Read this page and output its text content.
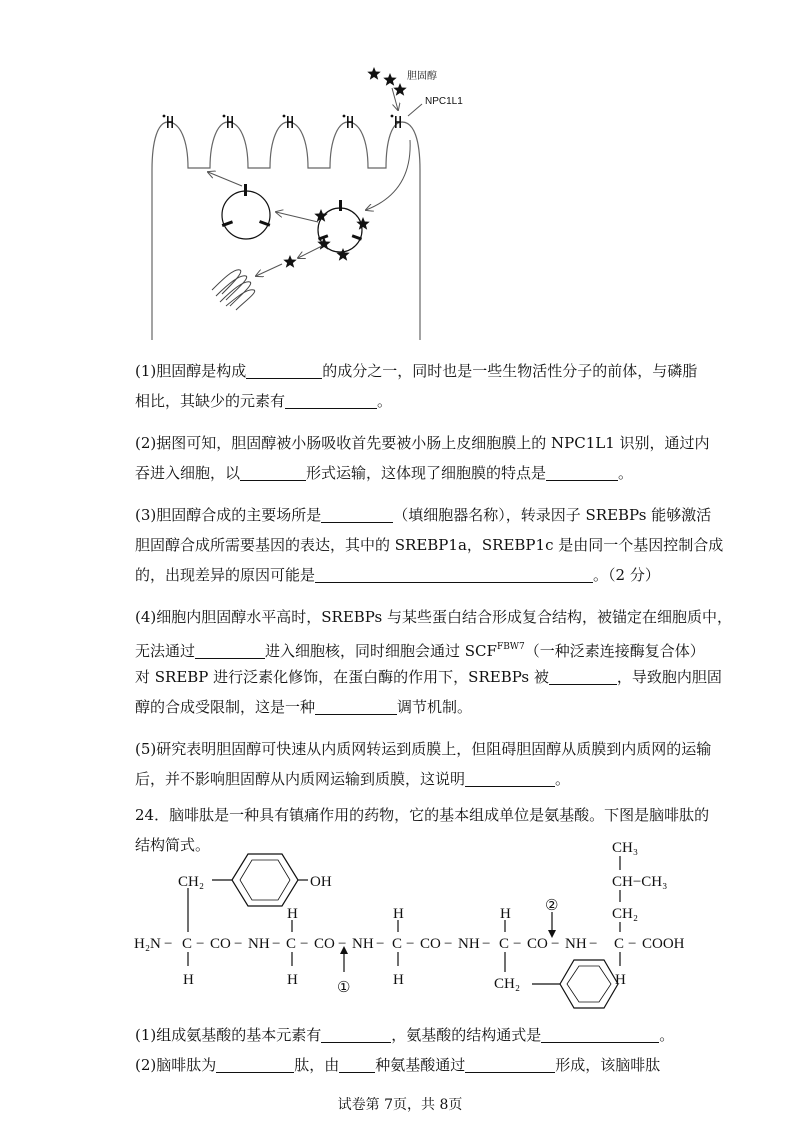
胆固醇
NPC1L1
(1)胆固醇是构成	的成分之一，同时也是一些生物活性分子的前体，与磷脂
相比，其缺少的元素有	。
(2)据图可知，胆固醇被小肠吸收首先要被小肠上皮细胞膜上的 NPC1L1 识别，通过内
吞进入细胞，以	形式运输，这体现了细胞膜的特点是	。
(3)胆固醇合成的主要场所是	（填细胞器名称），转录因子 SREBPs 能够激活
胆固醇合成所需要基因的表达，其中的 SREBP1a，SREBP1c 是由同一个基因控制合成
的，出现差异的原因可能是	。（2 分）
(4)细胞内胆固醇水平高时，SREBPs 与某些蛋白结合形成复合结构，被锚定在细胞质中，
无法通过	进入细胞核，同时细胞会通过 $SCF^{FBW7}$（一种泛素连接酶复合体）
对 SREBP 进行泛素化修饰，在蛋白酶的作用下，SREBPs 被	，导致胞内胆固
醇的合成受限制，这是一种	调节机制。
(5)研究表明胆固醇可快速从内质网转运到质膜上，但阻碍胆固醇从质膜到内质网的运输
后，并不影响胆固醇从内质网运输到质膜，这说明	。
24．脑啡肽是一种具有镇痛作用的药物，它的基本组成单位是氨基酸。下图是脑啡肽的
结构简式。
CH₂	OH
CH₃
CH−CH₃
CH₂
CH₂
H	H	H
H	H	H	H
H₂N − C − CO − NH − C − CO − NH − C − CO − NH − C − CO − NH − C − COOH
①
②
(1)组成氨基酸的基本元素有	，氨基酸的结构通式是	。
(2)脑啡肽为	肽，由 种氨基酸通过	形成，该脑啡肽
试卷第 7页，共 8页
